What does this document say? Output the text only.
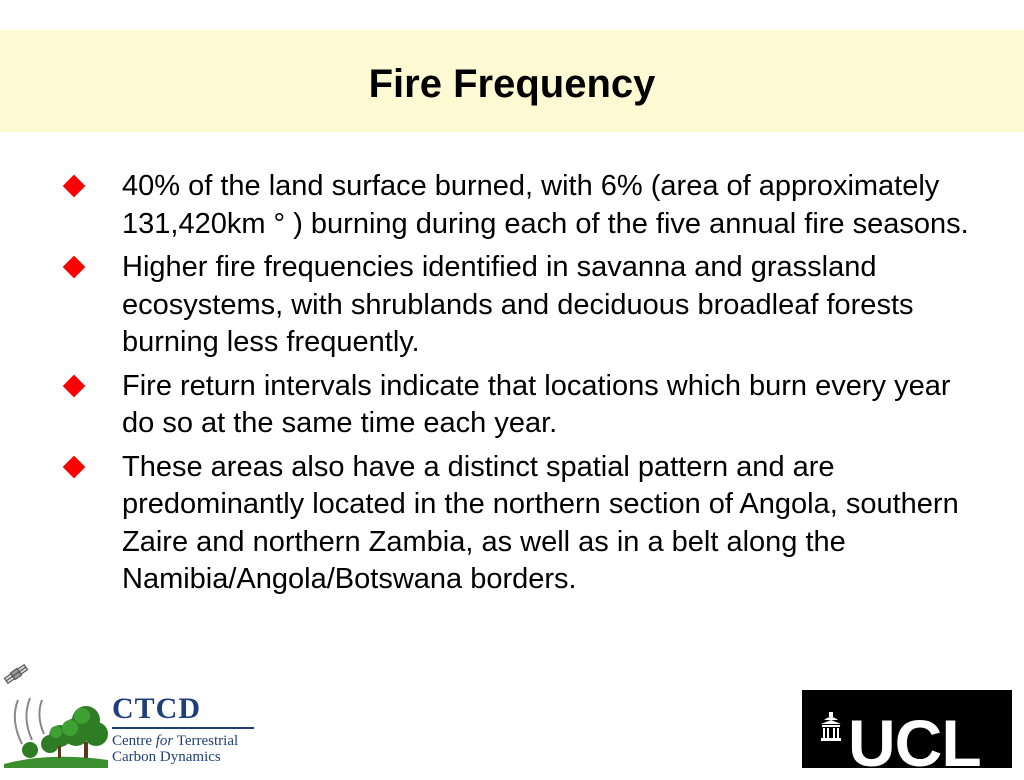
Fire Frequency
40% of the land surface burned, with 6% (area of approximately 131,420km ° ) burning during each of the five annual fire seasons.
Higher fire frequencies identified in savanna and grassland ecosystems, with shrublands and deciduous broadleaf forests burning less frequently.
Fire return intervals indicate that locations which burn every year do so at the same time each year.
These areas also have a distinct spatial pattern and are predominantly located in the northern section of Angola, southern Zaire and northern Zambia, as well as in a belt along the Namibia/Angola/Botswana borders.
CTCD
Centre for Terrestrial
Carbon Dynamics	UCL
